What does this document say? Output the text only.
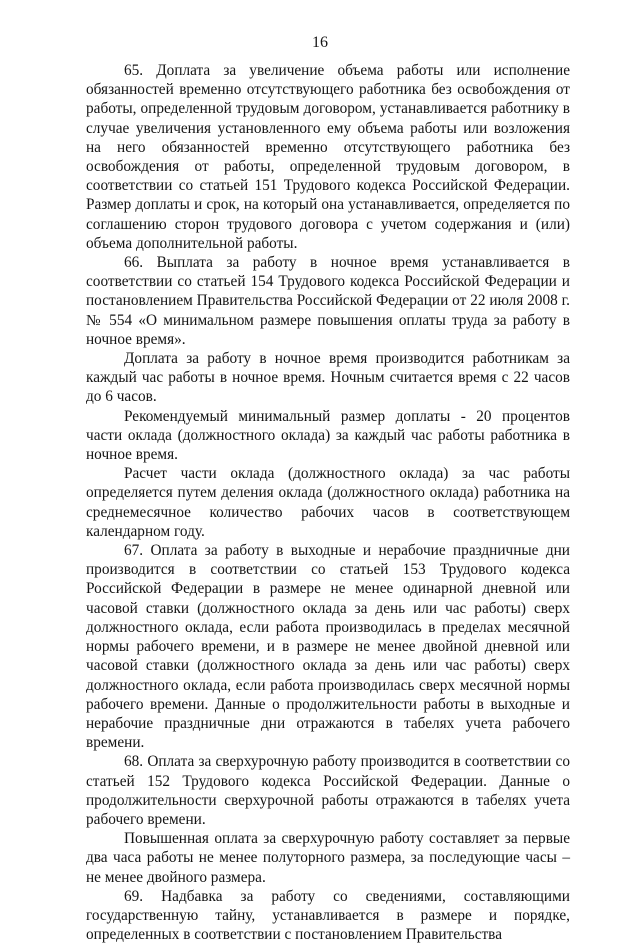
16

65. Доплата за увеличение объема работы или исполнение обязанностей временно отсутствующего работника без освобождения от работы, определенной трудовым договором, устанавливается работнику в случае увеличения установленного ему объема работы или возложения на него обязанностей временно отсутствующего работника без освобождения от работы, определенной трудовым договором, в соответствии со статьей 151 Трудового кодекса Российской Федерации. Размер доплаты и срок, на который она устанавливается, определяется по соглашению сторон трудового договора с учетом содержания и (или) объема дополнительной работы.

66. Выплата за работу в ночное время устанавливается в соответствии со статьей 154 Трудового кодекса Российской Федерации и постановлением Правительства Российской Федерации от 22 июля 2008 г. № 554 «О минимальном размере повышения оплаты труда за работу в ночное время».

Доплата за работу в ночное время производится работникам за каждый час работы в ночное время. Ночным считается время с 22 часов до 6 часов.

Рекомендуемый минимальный размер доплаты - 20 процентов части оклада (должностного оклада) за каждый час работы работника в ночное время.

Расчет части оклада (должностного оклада) за час работы определяется путем деления оклада (должностного оклада) работника на среднемесячное количество рабочих часов в соответствующем календарном году.

67. Оплата за работу в выходные и нерабочие праздничные дни производится в соответствии со статьей 153 Трудового кодекса Российской Федерации в размере не менее одинарной дневной или часовой ставки (должностного оклада за день или час работы) сверх должностного оклада, если работа производилась в пределах месячной нормы рабочего времени, и в размере не менее двойной дневной или часовой ставки (должностного оклада за день или час работы) сверх должностного оклада, если работа производилась сверх месячной нормы рабочего времени. Данные о продолжительности работы в выходные и нерабочие праздничные дни отражаются в табелях учета рабочего времени.

68. Оплата за сверхурочную работу производится в соответствии со статьей 152 Трудового кодекса Российской Федерации. Данные о продолжительности сверхурочной работы отражаются в табелях учета рабочего времени.

Повышенная оплата за сверхурочную работу составляет за первые два часа работы не менее полуторного размера, за последующие часы – не менее двойного размера.

69. Надбавка за работу со сведениями, составляющими государственную тайну, устанавливается в размере и порядке, определенных в соответствии с постановлением Правительства
